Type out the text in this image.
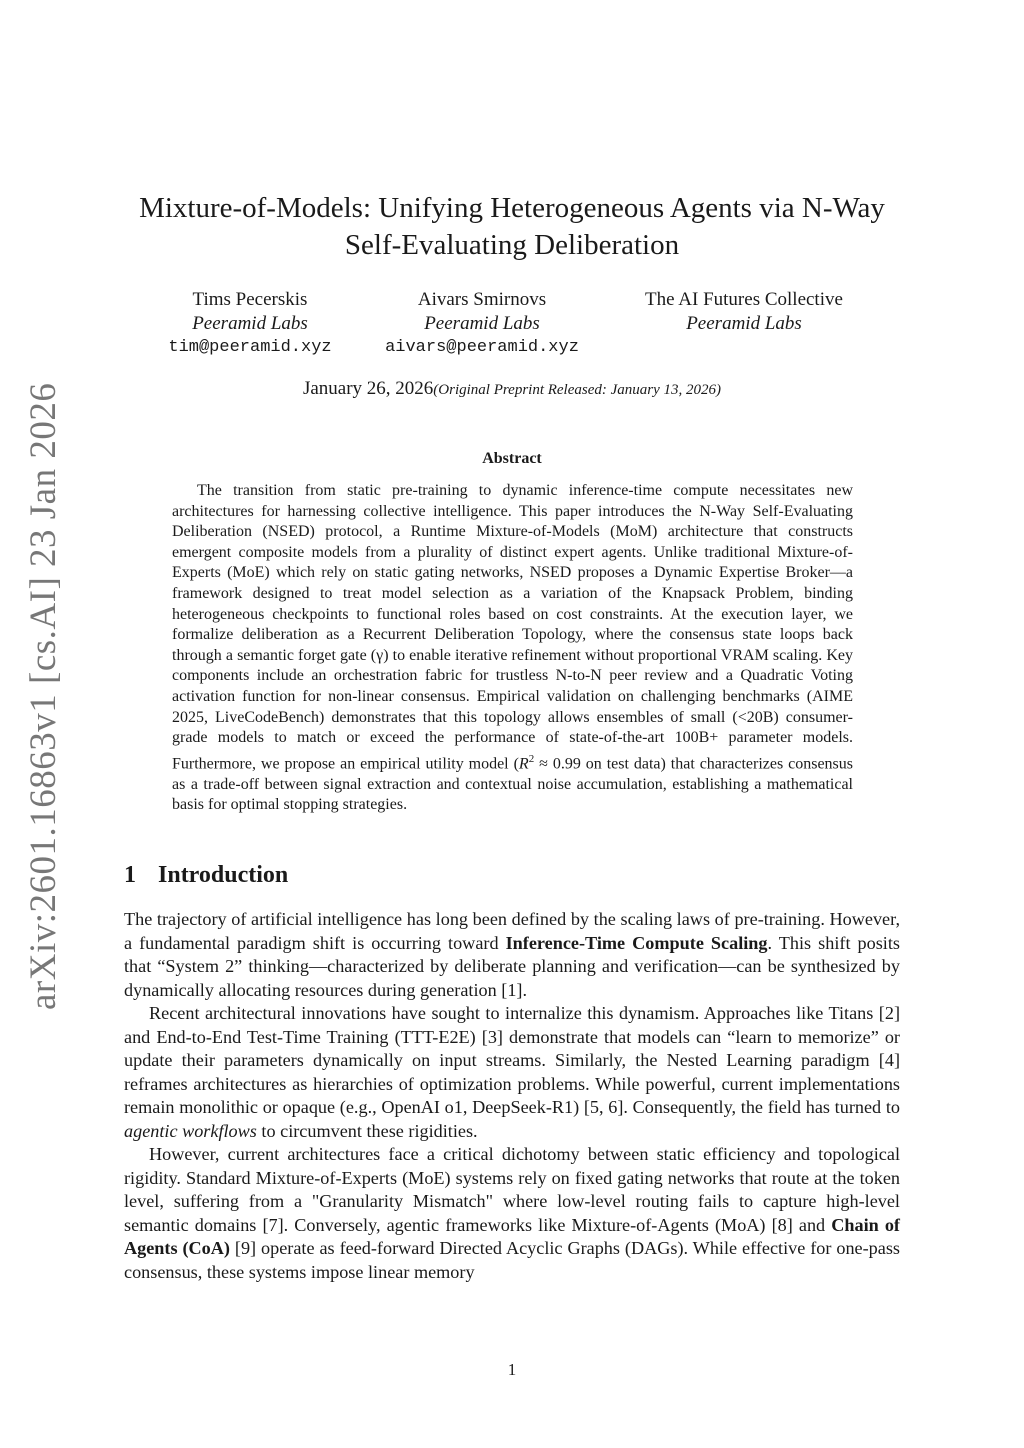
arXiv:2601.16863v1 [cs.AI] 23 Jan 2026
Mixture-of-Models: Unifying Heterogeneous Agents via N-Way
Self-Evaluating Deliberation
Tims Pecerskis
Peeramid Labs
tim@peeramid.xyz
Aivars Smirnovs
Peeramid Labs
aivars@peeramid.xyz
The AI Futures Collective
Peeramid Labs
January 26, 2026(Original Preprint Released: January 13, 2026)
Abstract

The transition from static pre-training to dynamic inference-time compute necessitates new architectures for harnessing collective intelligence. This paper introduces the N-Way Self-Evaluating Deliberation (NSED) protocol, a Runtime Mixture-of-Models (MoM) architecture that constructs emergent composite models from a plurality of distinct expert agents. Unlike traditional Mixture-of-Experts (MoE) which rely on static gating networks, NSED proposes a Dynamic Expertise Broker—a framework designed to treat model selection as a variation of the Knapsack Problem, binding heterogeneous checkpoints to functional roles based on cost constraints. At the execution layer, we formalize deliberation as a Recurrent Deliberation Topology, where the consensus state loops back through a semantic forget gate (γ) to enable iterative refinement without proportional VRAM scaling. Key components include an orchestration fabric for trustless N-to-N peer review and a Quadratic Voting activation function for non-linear consensus. Empirical validation on challenging benchmarks (AIME 2025, LiveCodeBench) demonstrates that this topology allows ensembles of small (<20B) consumer-grade models to match or exceed the performance of state-of-the-art 100B+ parameter models. Furthermore, we propose an empirical utility model ($R^2 \approx 0.99$ on test data) that characterizes consensus as a trade-off between signal extraction and contextual noise accumulation, establishing a mathematical basis for optimal stopping strategies.

1 Introduction

The trajectory of artificial intelligence has long been defined by the scaling laws of pre-training. However, a fundamental paradigm shift is occurring toward Inference-Time Compute Scaling. This shift posits that “System 2” thinking—characterized by deliberate planning and verification—can be synthesized by dynamically allocating resources during generation [1].

Recent architectural innovations have sought to internalize this dynamism. Approaches like Titans [2] and End-to-End Test-Time Training (TTT-E2E) [3] demonstrate that models can “learn to memorize” or update their parameters dynamically on input streams. Similarly, the Nested Learning paradigm [4] reframes architectures as hierarchies of optimization problems. While powerful, current implementations remain monolithic or opaque (e.g., OpenAI o1, DeepSeek-R1) [5, 6]. Consequently, the field has turned to agentic workflows to circumvent these rigidities.

However, current architectures face a critical dichotomy between static efficiency and topological rigidity. Standard Mixture-of-Experts (MoE) systems rely on fixed gating networks that route at the token level, suffering from a "Granularity Mismatch" where low-level routing fails to capture high-level semantic domains [7]. Conversely, agentic frameworks like Mixture-of-Agents (MoA) [8] and Chain of Agents (CoA) [9] operate as feed-forward Directed Acyclic Graphs (DAGs). While effective for one-pass consensus, these systems impose linear memory

1
